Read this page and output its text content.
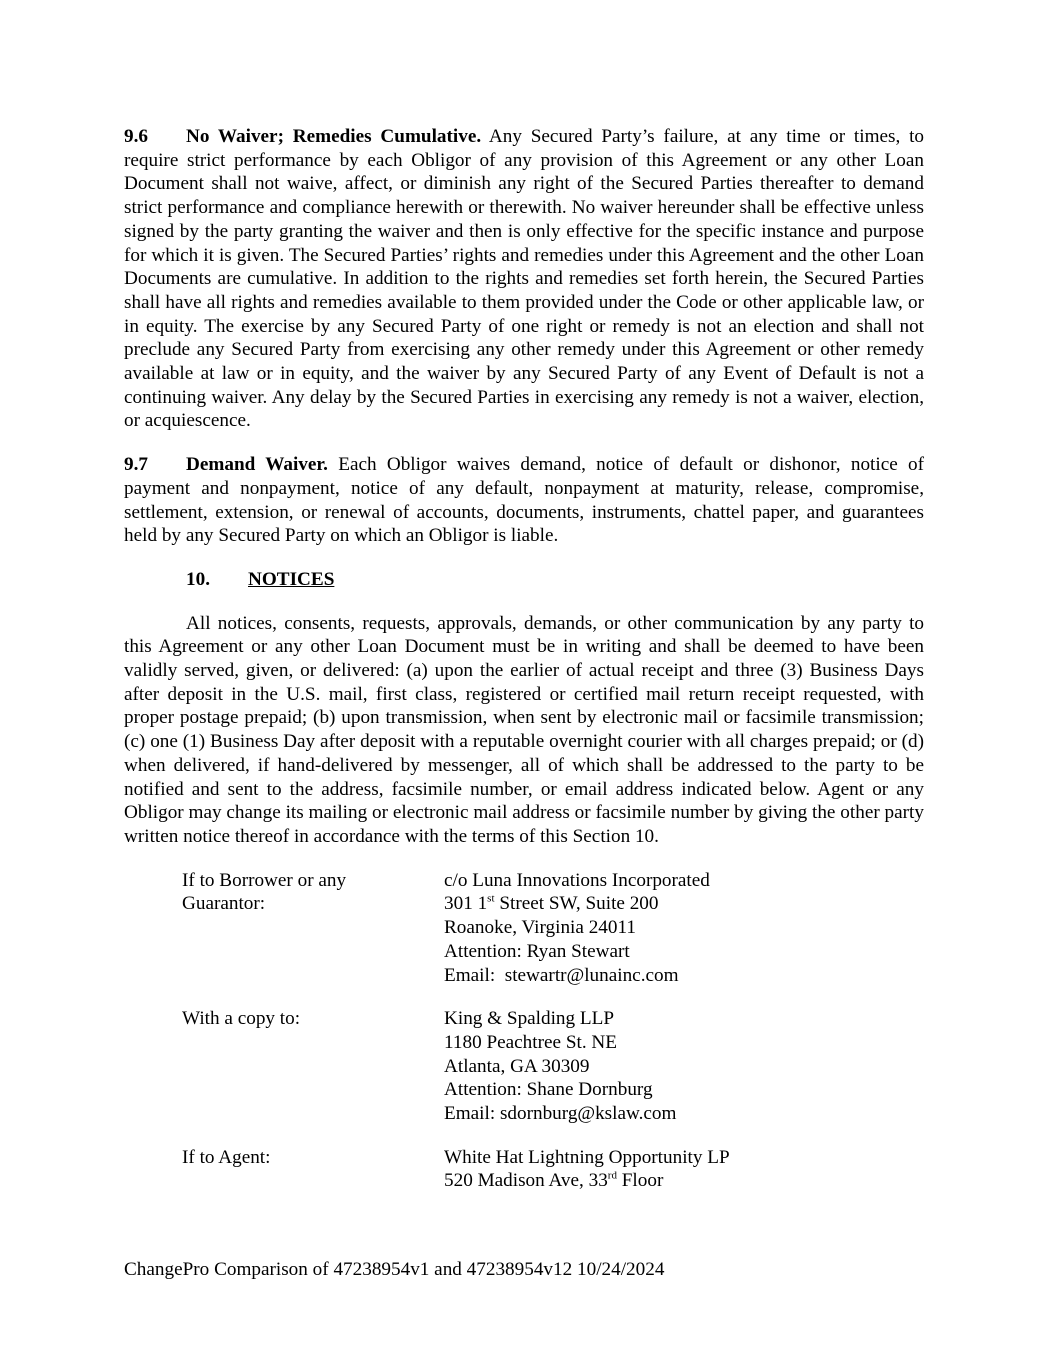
9.6 No Waiver; Remedies Cumulative. Any Secured Party’s failure, at any time or times, to require strict performance by each Obligor of any provision of this Agreement or any other Loan Document shall not waive, affect, or diminish any right of the Secured Parties thereafter to demand strict performance and compliance herewith or therewith. No waiver hereunder shall be effective unless signed by the party granting the waiver and then is only effective for the specific instance and purpose for which it is given. The Secured Parties’ rights and remedies under this Agreement and the other Loan Documents are cumulative. In addition to the rights and remedies set forth herein, the Secured Parties shall have all rights and remedies available to them provided under the Code or other applicable law, or in equity. The exercise by any Secured Party of one right or remedy is not an election and shall not preclude any Secured Party from exercising any other remedy under this Agreement or other remedy available at law or in equity, and the waiver by any Secured Party of any Event of Default is not a continuing waiver. Any delay by the Secured Parties in exercising any remedy is not a waiver, election, or acquiescence.

9.7 Demand Waiver. Each Obligor waives demand, notice of default or dishonor, notice of payment and nonpayment, notice of any default, nonpayment at maturity, release, compromise, settlement, extension, or renewal of accounts, documents, instruments, chattel paper, and guarantees held by any Secured Party on which an Obligor is liable.

10. NOTICES

All notices, consents, requests, approvals, demands, or other communication by any party to this Agreement or any other Loan Document must be in writing and shall be deemed to have been validly served, given, or delivered: (a) upon the earlier of actual receipt and three (3) Business Days after deposit in the U.S. mail, first class, registered or certified mail return receipt requested, with proper postage prepaid; (b) upon transmission, when sent by electronic mail or facsimile transmission; (c) one (1) Business Day after deposit with a reputable overnight courier with all charges prepaid; or (d) when delivered, if hand-delivered by messenger, all of which shall be addressed to the party to be notified and sent to the address, facsimile number, or email address indicated below. Agent or any Obligor may change its mailing or electronic mail address or facsimile number by giving the other party written notice thereof in accordance with the terms of this Section 10.

If to Borrower or any
Guarantor:
c/o Luna Innovations Incorporated
301 1st Street SW, Suite 200
Roanoke, Virginia 24011
Attention: Ryan Stewart
Email:  stewartr@lunainc.com
With a copy to:	King & Spalding LLP
1180 Peachtree St. NE
Atlanta, GA 30309
Attention: Shane Dornburg
Email: sdornburg@kslaw.com
If to Agent:	White Hat Lightning Opportunity LP
520 Madison Ave, 33rd Floor
ChangePro Comparison of 47238954v1 and 47238954v12 10/24/2024
